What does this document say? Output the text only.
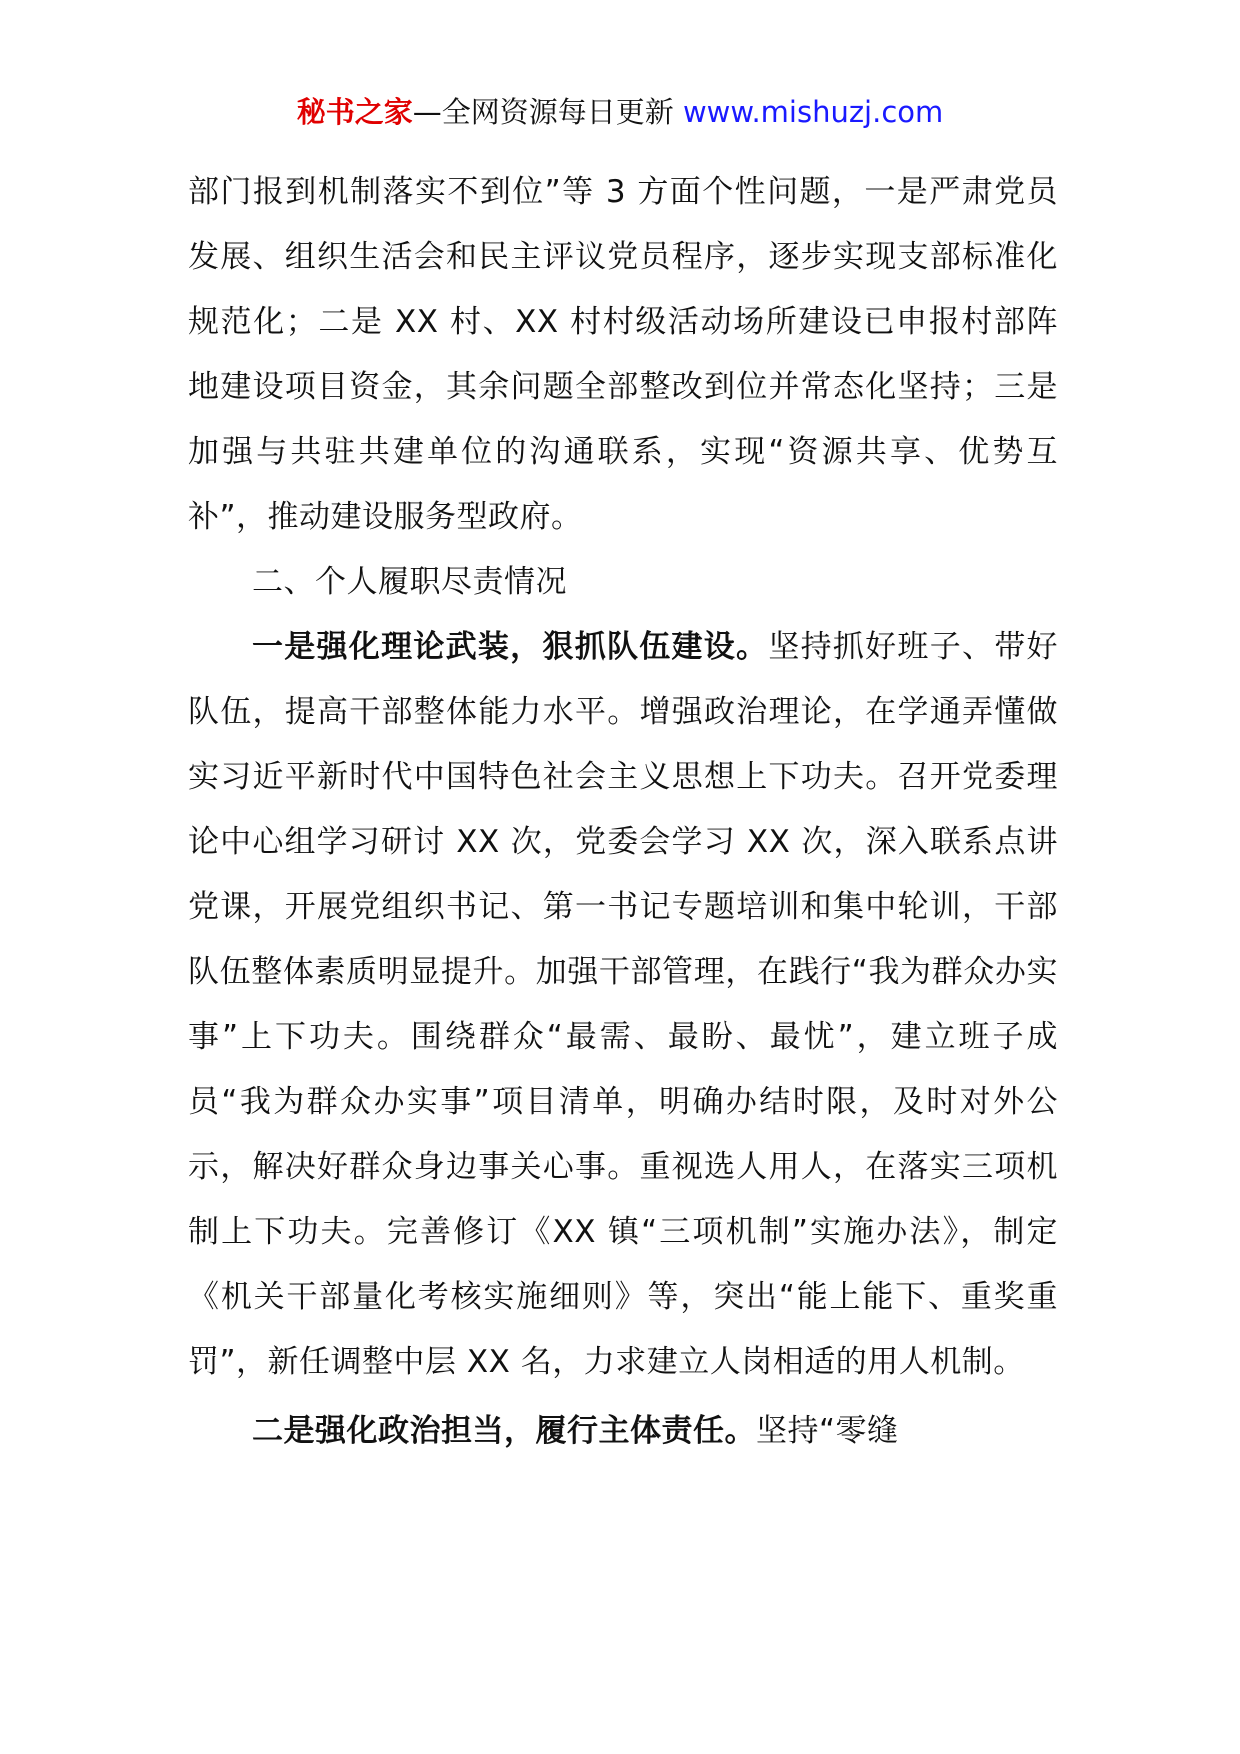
秘书之家—全网资源每日更新 www.mishuzj.com

部门报到机制落实不到位”等 3 方面个性问题，一是严肃党员发展、组织生活会和民主评议党员程序，逐步实现支部标准化规范化；二是 XX 村、XX 村村级活动场所建设已申报村部阵地建设项目资金，其余问题全部整改到位并常态化坚持；三是加强与共驻共建单位的沟通联系，实现“资源共享、优势互补”，推动建设服务型政府。

二、个人履职尽责情况

一是强化理论武装，狠抓队伍建设。坚持抓好班子、带好队伍，提高干部整体能力水平。增强政治理论，在学通弄懂做实习近平新时代中国特色社会主义思想上下功夫。召开党委理论中心组学习研讨 XX 次，党委会学习 XX 次，深入联系点讲党课，开展党组织书记、第一书记专题培训和集中轮训，干部队伍整体素质明显提升。加强干部管理，在践行“我为群众办实事”上下功夫。围绕群众“最需、最盼、最忧”，建立班子成员“我为群众办实事”项目清单，明确办结时限，及时对外公示，解决好群众身边事关心事。重视选人用人，在落实三项机制上下功夫。完善修订《XX 镇“三项机制”实施办法》，制定《机关干部量化考核实施细则》等，突出“能上能下、重奖重罚”，新任调整中层 XX 名，力求建立人岗相适的用人机制。

二是强化政治担当，履行主体责任。坚持“零缝
